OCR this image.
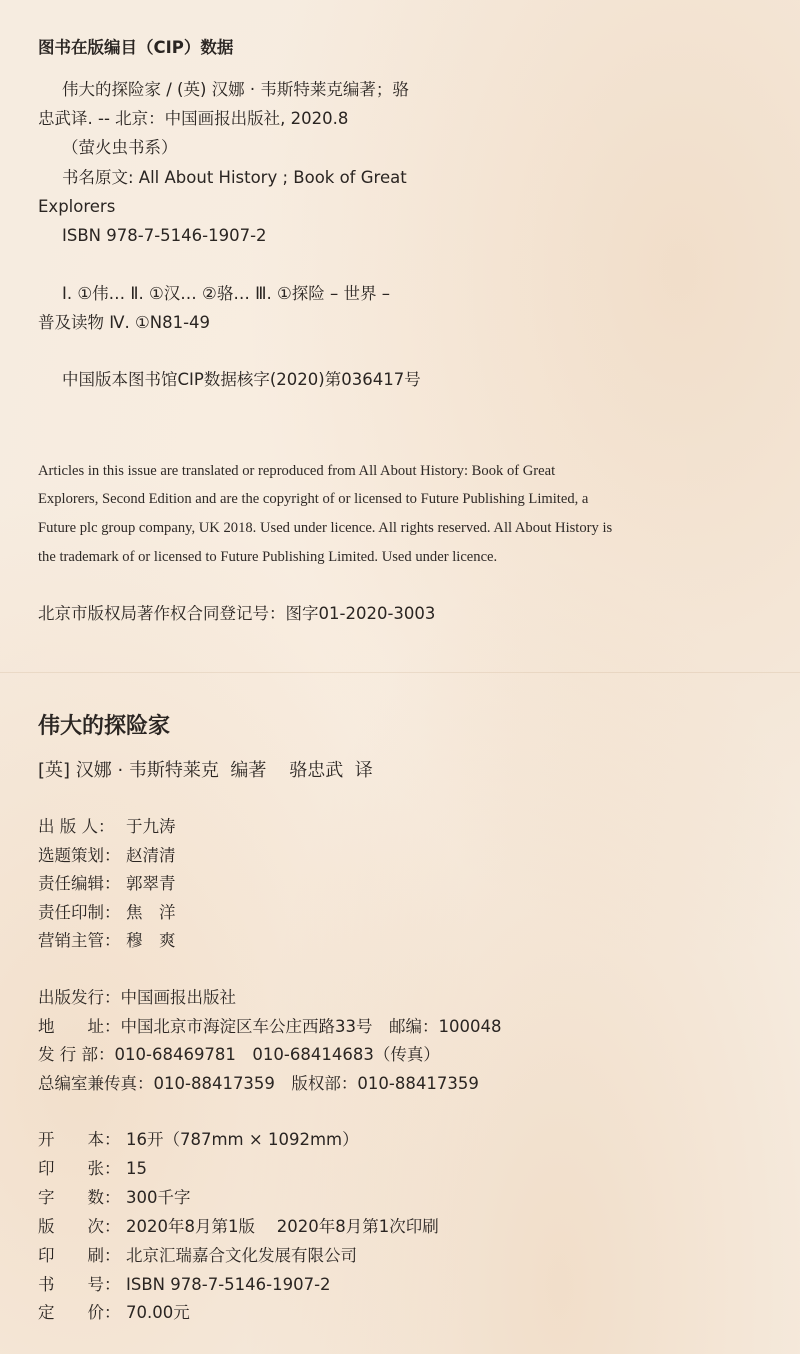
图书在版编目（CIP）数据
伟大的探险家 / (英) 汉娜 · 韦斯特莱克编著；骆
忠武译. -- 北京：中国画报出版社, 2020.8
（萤火虫书系）
书名原文: All About History ; Book of Great
Explorers
ISBN 978-7-5146-1907-2
Ⅰ. ①伟… Ⅱ. ①汉… ②骆… Ⅲ. ①探险 – 世界 –
普及读物 Ⅳ. ①N81-49
中国版本图书馆CIP数据核字(2020)第036417号
Articles in this issue are translated or reproduced from All About History: Book of Great
Explorers, Second Edition and are the copyright of or licensed to Future Publishing Limited, a
Future plc group company, UK 2018. Used under licence. All rights reserved. All About History is
the trademark of or licensed to Future Publishing Limited. Used under licence.
北京市版权局著作权合同登记号：图字01-2020-3003
伟大的探险家
[英] 汉娜 · 韦斯特莱克  编著    骆忠武  译
出 版 人： 于九涛
选题策划： 赵清清
责任编辑： 郭翠青
责任印制： 焦　洋
营销主管： 穆　爽
出版发行：中国画报出版社
地　　址：中国北京市海淀区车公庄西路33号　邮编：100048
发 行 部：010-68469781　010-68414683（传真）
总编室兼传真：010-88417359　版权部：010-88417359
开　　本： 16开（787mm × 1092mm）
印　　张： 15
字　　数： 300千字
版　　次： 2020年8月第1版　 2020年8月第1次印刷
印　　刷： 北京汇瑞嘉合文化发展有限公司
书　　号： ISBN 978-7-5146-1907-2
定　　价： 70.00元
